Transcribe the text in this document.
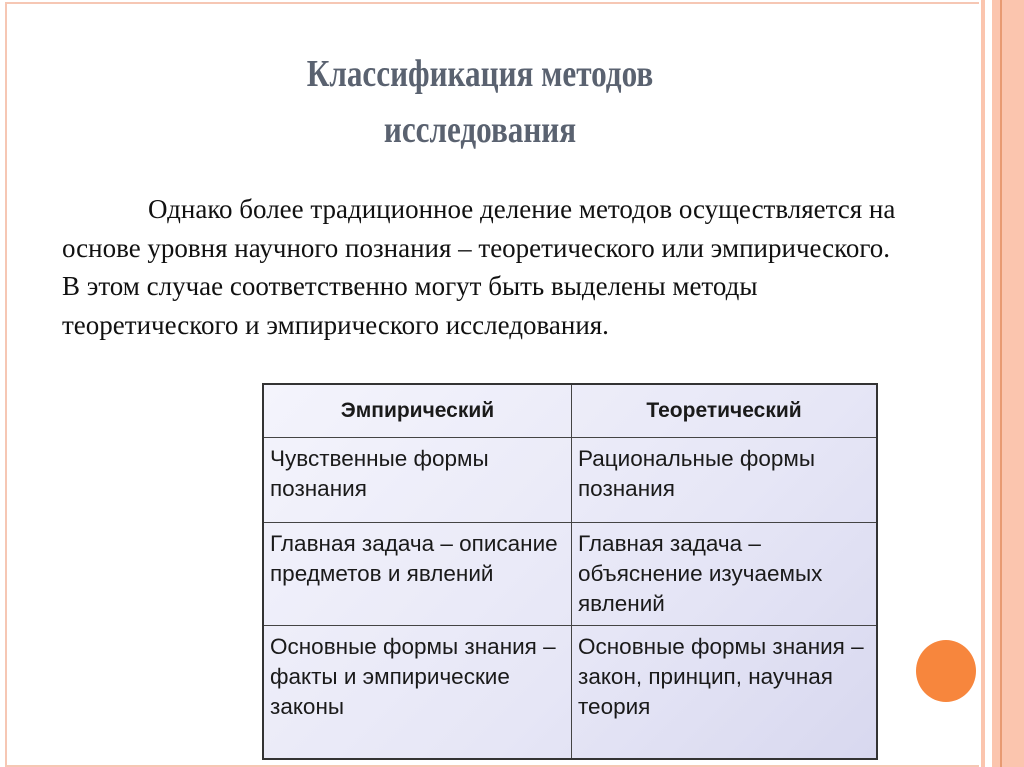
Классификация методов
исследования

Однако более традиционное деление методов осуществляется на основе уровня научного познания – теоретического или эмпирического. В этом случае соответственно могут быть выделены методы теоретического и эмпирического исследования.

Эмпирический	Теоретический
Чувственные формы познания	Рациональные формы познания
Главная задача – описание предметов и явлений	Главная задача – объяснение изучаемых явлений
Основные формы знания – факты и эмпирические законы	Основные формы знания – закон, принцип, научная теория
